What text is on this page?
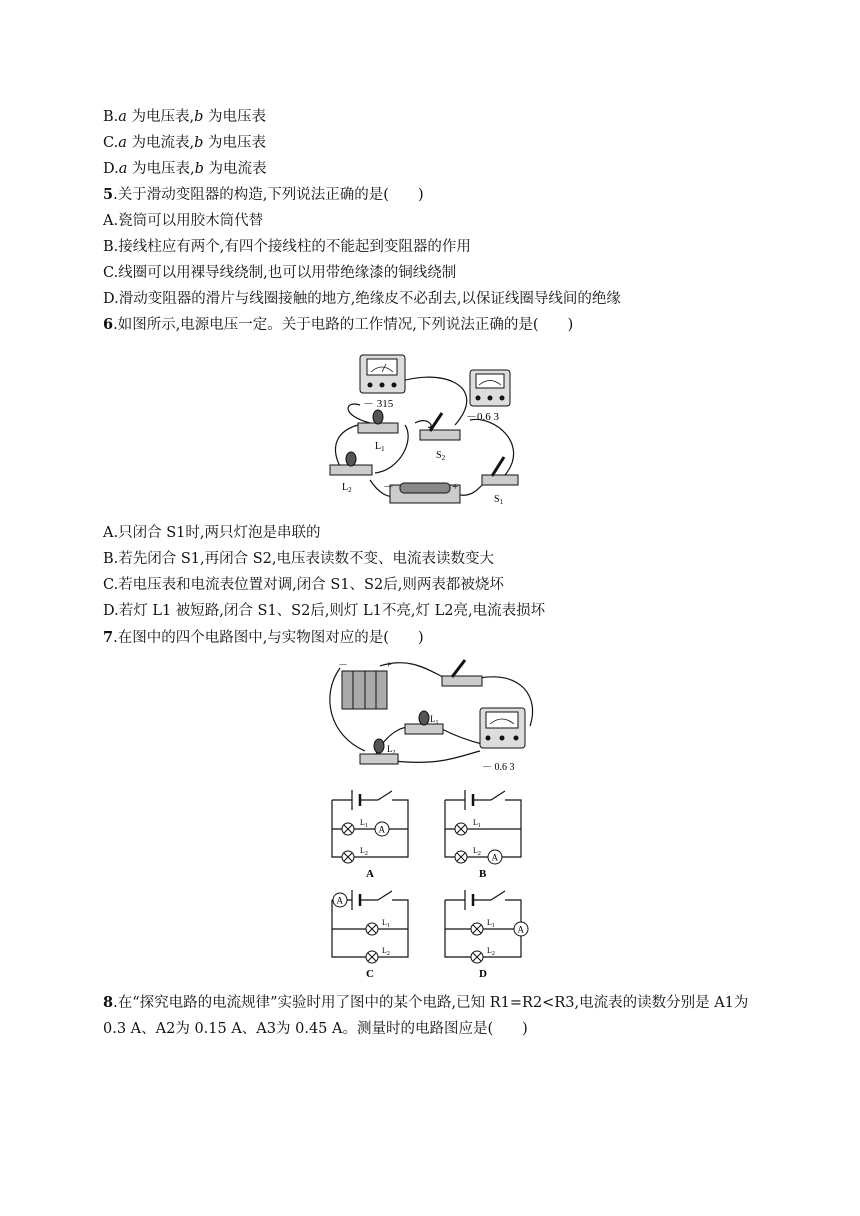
B.a 为电压表,b 为电压表
C.a 为电流表,b 为电压表
D.a 为电压表,b 为电流表
5.关于滑动变阻器的构造,下列说法正确的是(　　)
A.瓷筒可以用胶木筒代替
B.接线柱应有两个,有四个接线柱的不能起到变阻器的作用
C.线圈可以用裸导线绕制,也可以用带绝缘漆的铜线绕制
D.滑动变阻器的滑片与线圈接触的地方,绝缘皮不必刮去,以保证线圈导线间的绝缘
6.如图所示,电源电压一定。关于电路的工作情况,下列说法正确的是(　　)
－ 315
－0.6 3
$L_1$
$S_2$
$L_2$	－	+
$S_1$
A.只闭合 S1时,两只灯泡是串联的
B.若先闭合 S1,再闭合 S2,电压表读数不变、电流表读数变大
C.若电压表和电流表位置对调,闭合 S1、S2后,则两表都被烧坏
D.若灯 L1 被短路,闭合 S1、S2后,则灯 L1不亮,灯 L2亮,电流表损坏
7.在图中的四个电路图中,与实物图对应的是(　　)
－	+
$L_1$
$L_2$
－ 0.6 3
$L_1$ A
$L_2$
A
$L_1$
$L_2$ A
B
A
$L_1$
$L_2$
C
$L_1$	A
$L_2$
D
8.在“探究电路的电流规律”实验时用了图中的某个电路,已知 R1=R2<R3,电流表的读数分别是 A1为
0.3 A、A2为 0.15 A、A3为 0.45 A。测量时的电路图应是(　　)
